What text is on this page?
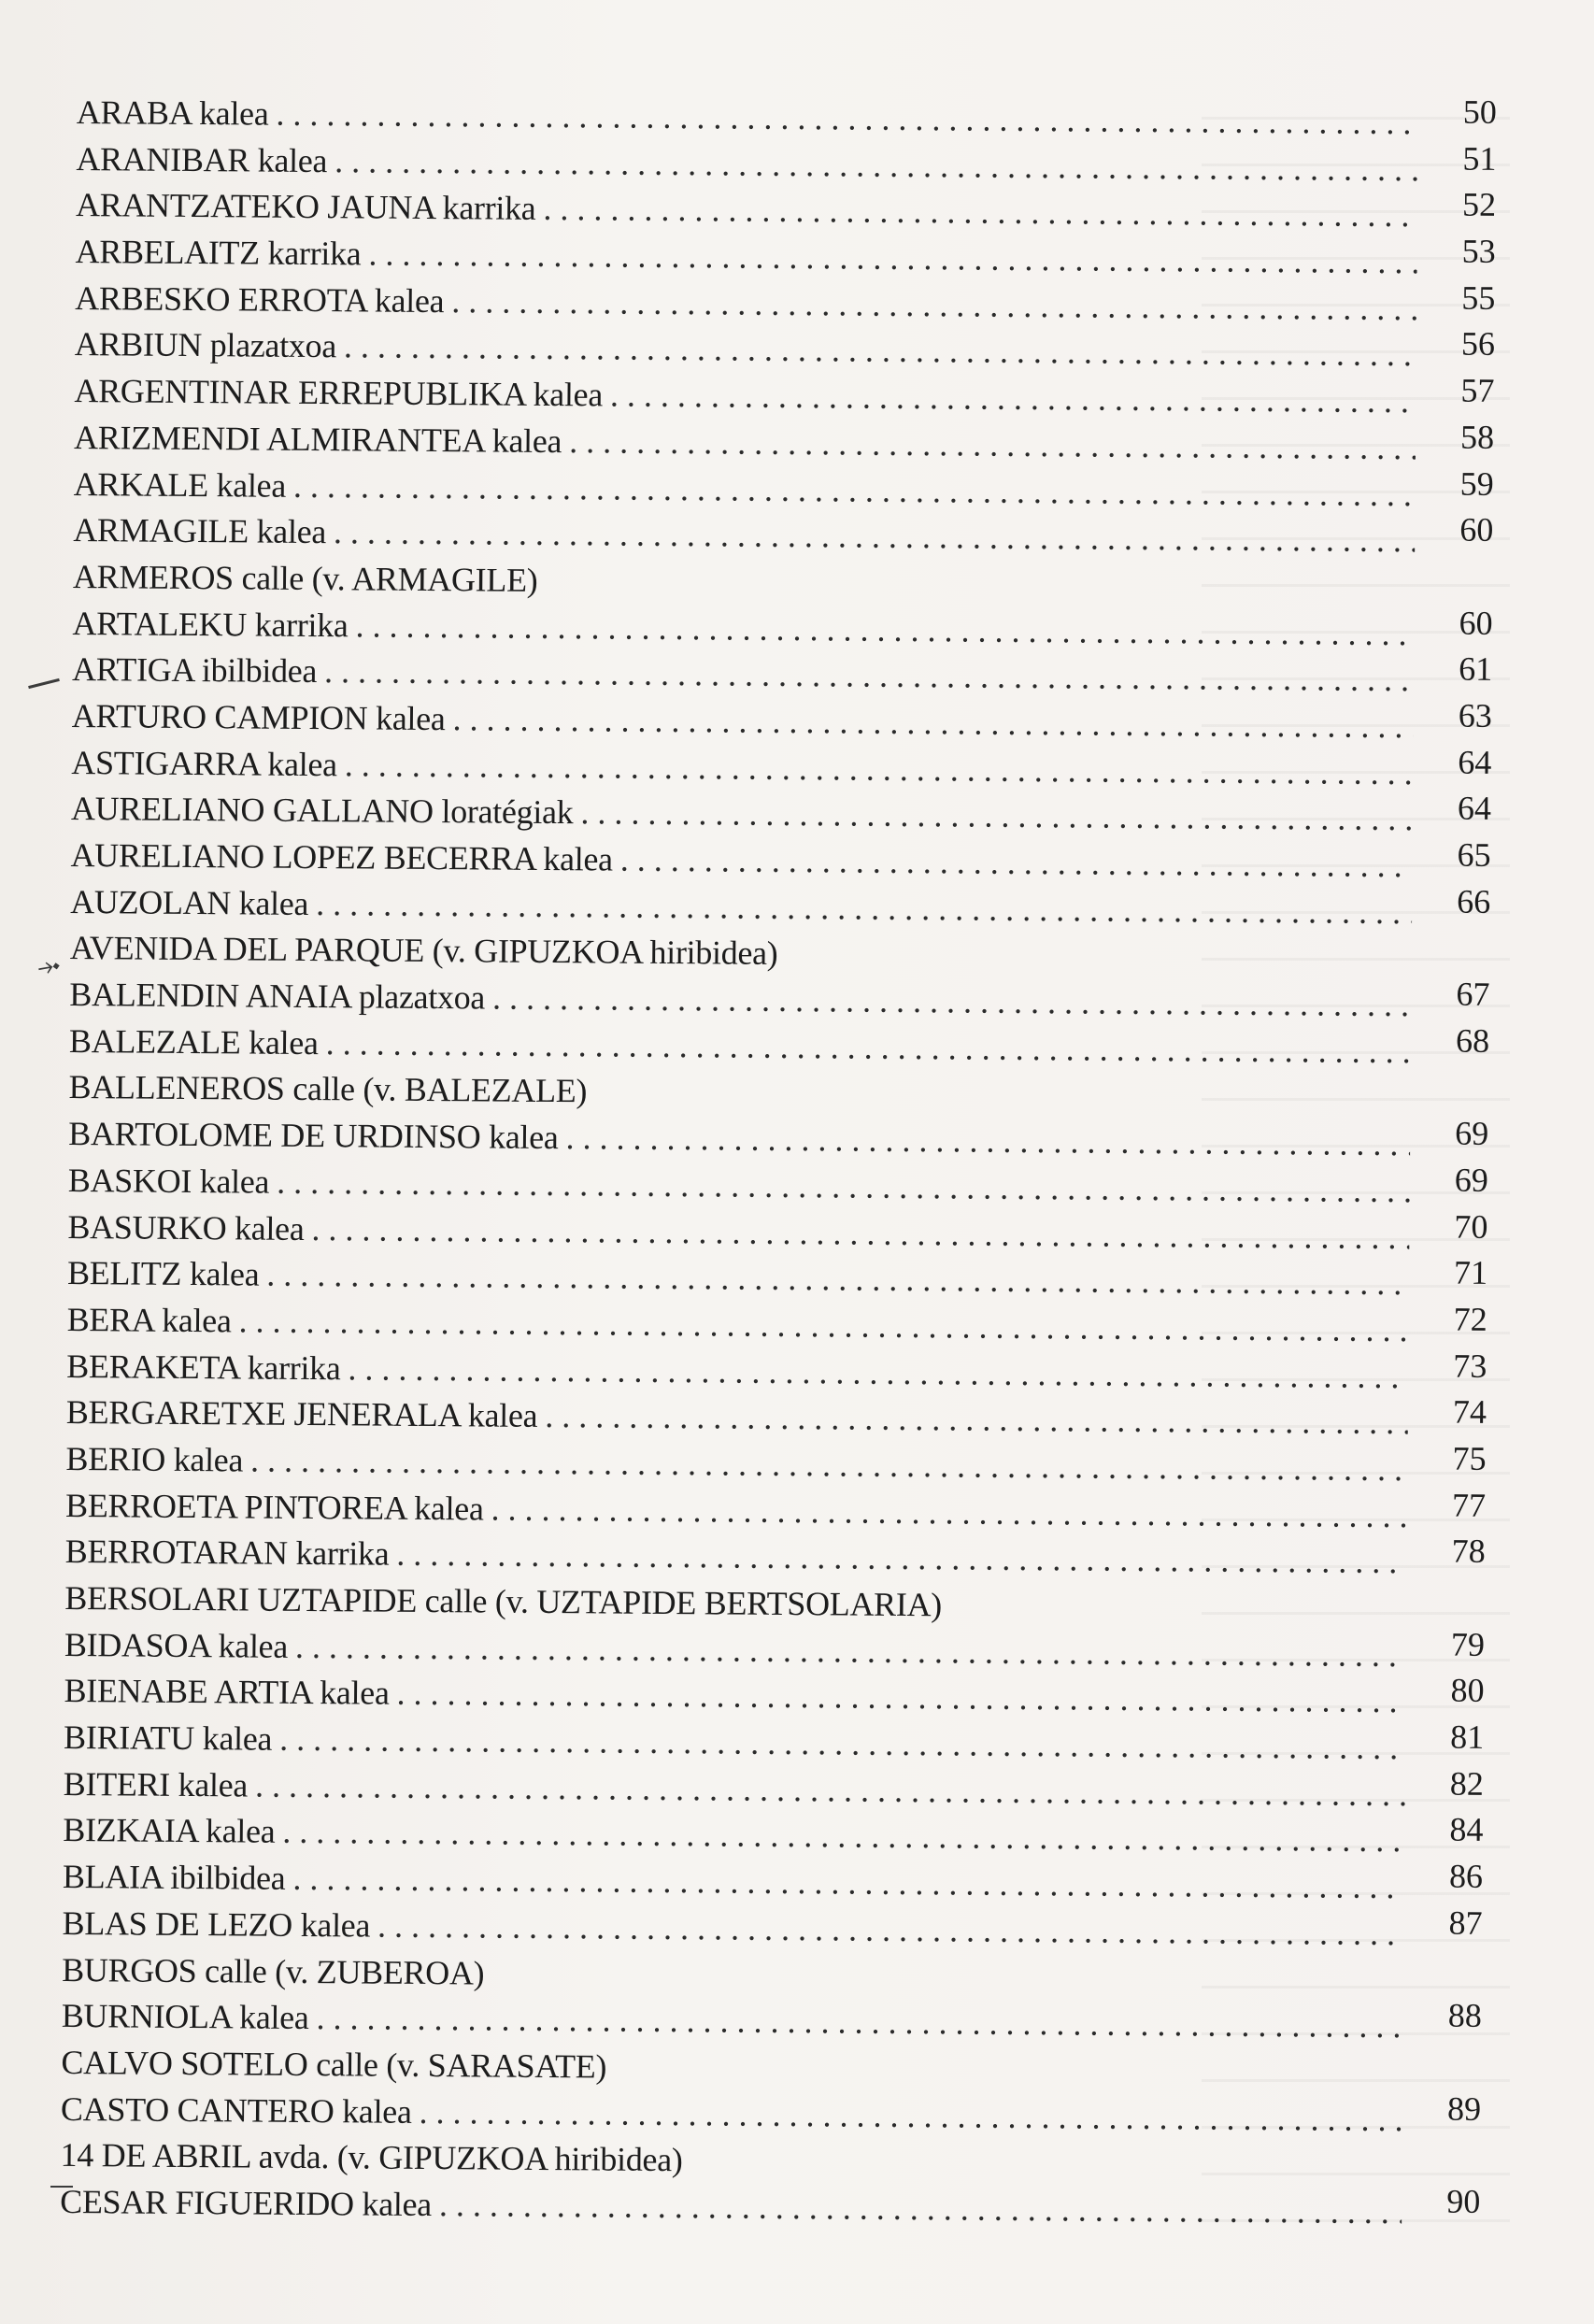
⤞
ARABA kalea . . .	50
ARANIBAR kalea . . .	51
ARANTZATEKO JAUNA karrika . . .	52
ARBELAITZ karrika . . .	53
ARBESKO ERROTA kalea . . .	55
ARBIUN plazatxoa . . .	56
ARGENTINAR ERREPUBLIKA kalea . . .	57
ARIZMENDI ALMIRANTEA kalea . . .	58
ARKALE kalea . . .	59
ARMAGILE kalea . . .	60
ARMEROS calle (v. ARMAGILE)
ARTALEKU karrika . . .	60
ARTIGA ibilbidea . . .	61
ARTURO CAMPION kalea . . .	63
ASTIGARRA kalea . . .	64
AURELIANO GALLANO loratégiak . . .	64
AURELIANO LOPEZ BECERRA kalea . . .	65
AUZOLAN kalea . . .	66
AVENIDA DEL PARQUE (v. GIPUZKOA hiribidea)
BALENDIN ANAIA plazatxoa . . .	67
BALEZALE kalea . . .	68
BALLENEROS calle (v. BALEZALE)
BARTOLOME DE URDINSO kalea . . .	69
BASKOI kalea . . .	69
BASURKO kalea . . .	70
BELITZ kalea . . .	71
BERA kalea . . .	72
BERAKETA karrika . . .	73
BERGARETXE JENERALA kalea . . .	74
BERIO kalea . . .	75
BERROETA PINTOREA kalea . . .	77
BERROTARAN karrika . . .	78
BERSOLARI UZTAPIDE calle (v. UZTAPIDE BERTSOLARIA)
BIDASOA kalea . . .	79
BIENABE ARTIA kalea . . .	80
BIRIATU kalea . . .	81
BITERI kalea . . .	82
BIZKAIA kalea . . .	84
BLAIA ibilbidea . . .	86
BLAS DE LEZO kalea . . .	87
BURGOS calle (v. ZUBEROA)
BURNIOLA kalea . . .	88
CALVO SOTELO calle (v. SARASATE)
CASTO CANTERO kalea . . .	89
14 DE ABRIL avda. (v. GIPUZKOA hiribidea)
CESAR FIGUERIDO kalea . . .	90
